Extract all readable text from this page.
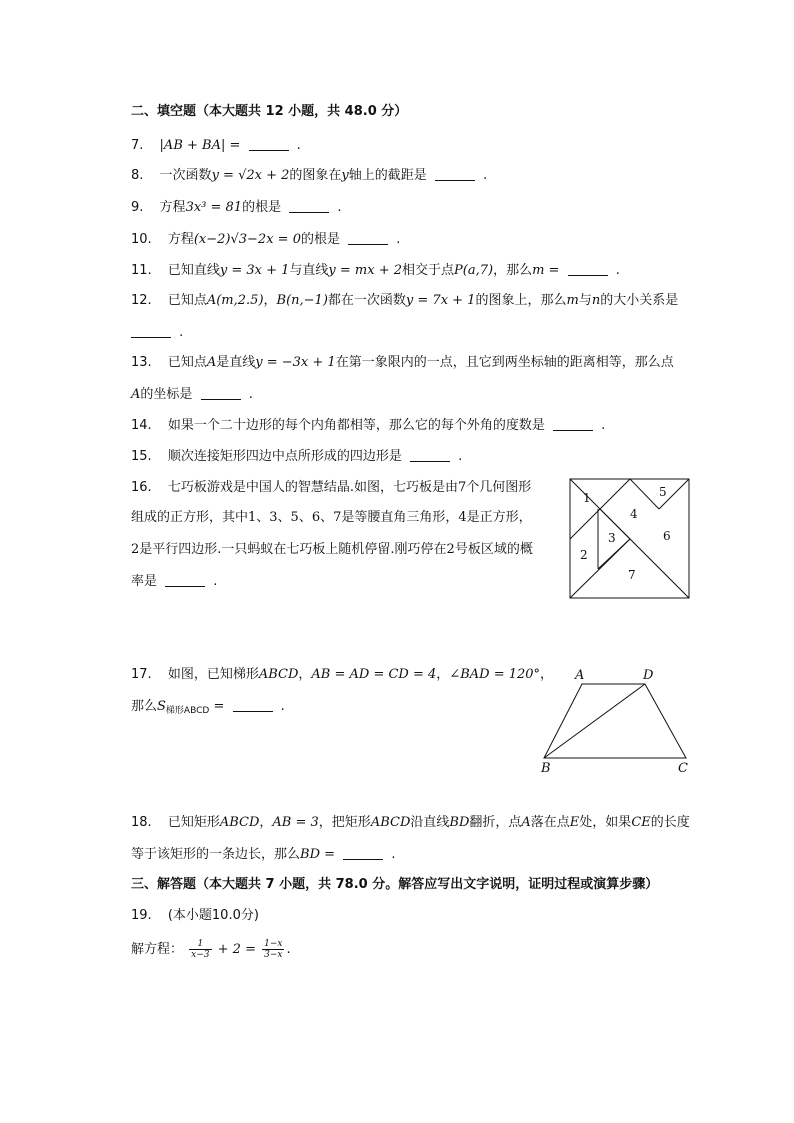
二、填空题（本大题共 12 小题，共 48.0 分）
7. |AB + BA| =	.
8. 一次函数y = √2x + 2的图象在y轴上的截距是	.
9. 方程3x³ = 81的根是	.
10. 方程(x−2)√3−2x = 0的根是	.
11. 已知直线y = 3x + 1与直线y = mx + 2相交于点P(a,7)，那么m =	.
12. 已知点A(m,2.5)，B(n,−1)都在一次函数y = 7x + 1的图象上，那么m与n的大小关系是
.
13. 已知点A是直线y = −3x + 1在第一象限内的一点，且它到两坐标轴的距离相等，那么点
A的坐标是	.
14. 如果一个二十边形的每个内角都相等，那么它的每个外角的度数是	.
15. 顺次连接矩形四边中点所形成的四边形是	.
16. 七巧板游戏是中国人的智慧结晶.如图，七巧板是由7个几何图形
组成的正方形，其中1、3、5、6、7是等腰直角三角形，4是正方形，
2是平行四边形.一只蚂蚁在七巧板上随机停留.刚巧停在2号板区域的概
率是	.
1
2
3
4
5
6
7
17. 如图，已知梯形ABCD，AB = AD = CD = 4，∠BAD = 120°，
那么$S_{梯形ABCD}$ =	.
A	D
B	C
18. 已知矩形ABCD，AB = 3，把矩形ABCD沿直线BD翻折，点A落在点E处，如果CE的长度
等于该矩形的一条边长，那么BD =	.
三、解答题（本大题共 7 小题，共 78.0 分。解答应写出文字说明，证明过程或演算步骤）
19. (本小题10.0分)
解方程： $\frac{1}{x-3} + 2 = \frac{1-x}{3-x}$ .
